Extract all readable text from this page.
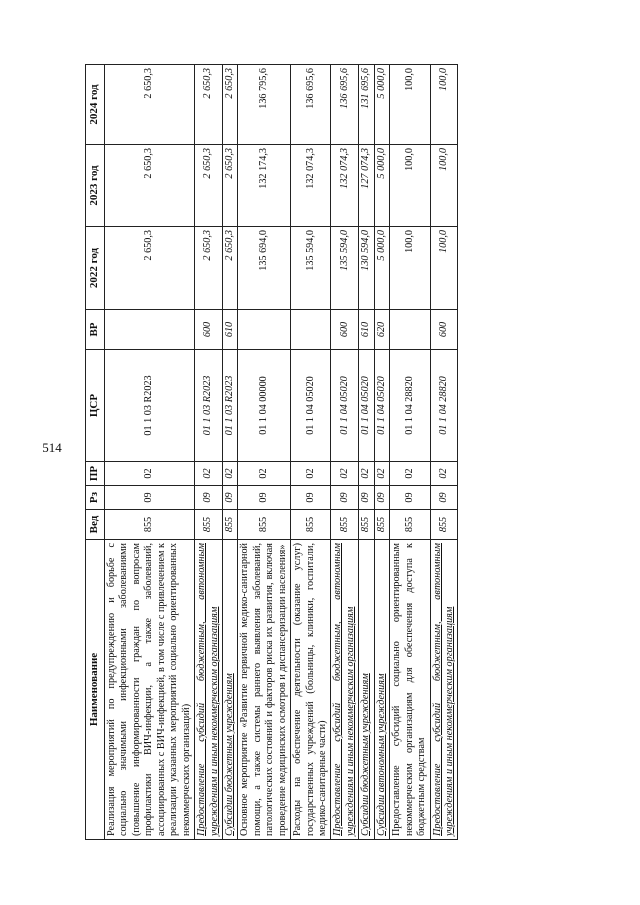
514
Наименование	Вед	Рз	ПР	ЦСР	ВР	2022 год	2023 год	2024 год
Реализация мероприятий по предупреждению и борьбе с социально значимыми инфекционными заболеваниями (повышение информированности граждан по вопросам профилактики ВИЧ-инфекции, а также заболеваний, ассоциированных с ВИЧ-инфекцией, в том числе с привлечением к реализации указанных мероприятий социально ориентированных некоммерческих организаций)	855	09	02	01 1 03 R2023		2 650,3	2 650,3	2 650,3
Предоставление субсидий бюджетным, автономным учреждениям и иным некоммерческим организациям	855	09	02	01 1 03 R2023	600	2 650,3	2 650,3	2 650,3
Субсидии бюджетным учреждениям	855	09	02	01 1 03 R2023	610	2 650,3	2 650,3	2 650,3
Основное мероприятие «Развитие первичной медико-санитарной помощи, а также системы раннего выявления заболеваний, патологических состояний и факторов риска их развития, включая проведение медицинских осмотров и диспансеризации населения»	855	09	02	01 1 04 00000		135 694,0	132 174,3	136 795,6
Расходы на обеспечение деятельности (оказание услуг) государственных учреждений (больницы, клиники, госпитали, медико-санитарные части)	855	09	02	01 1 04 05020		135 594,0	132 074,3	136 695,6
Предоставление субсидий бюджетным, автономным учреждениям и иным некоммерческим организациям	855	09	02	01 1 04 05020	600	135 594,0	132 074,3	136 695,6
Субсидии бюджетным учреждениям	855	09	02	01 1 04 05020	610	130 594,0	127 074,3	131 695,6
Субсидии автономным учреждениям	855	09	02	01 1 04 05020	620	5 000,0	5 000,0	5 000,0
Предоставление субсидий социально ориентированным некоммерческим организациям для обеспечения доступа к бюджетным средствам	855	09	02	01 1 04 28820		100,0	100,0	100,0
Предоставление субсидий бюджетным, автономным учреждениям и иным некоммерческим организациям	855	09	02	01 1 04 28820	600	100,0	100,0	100,0
